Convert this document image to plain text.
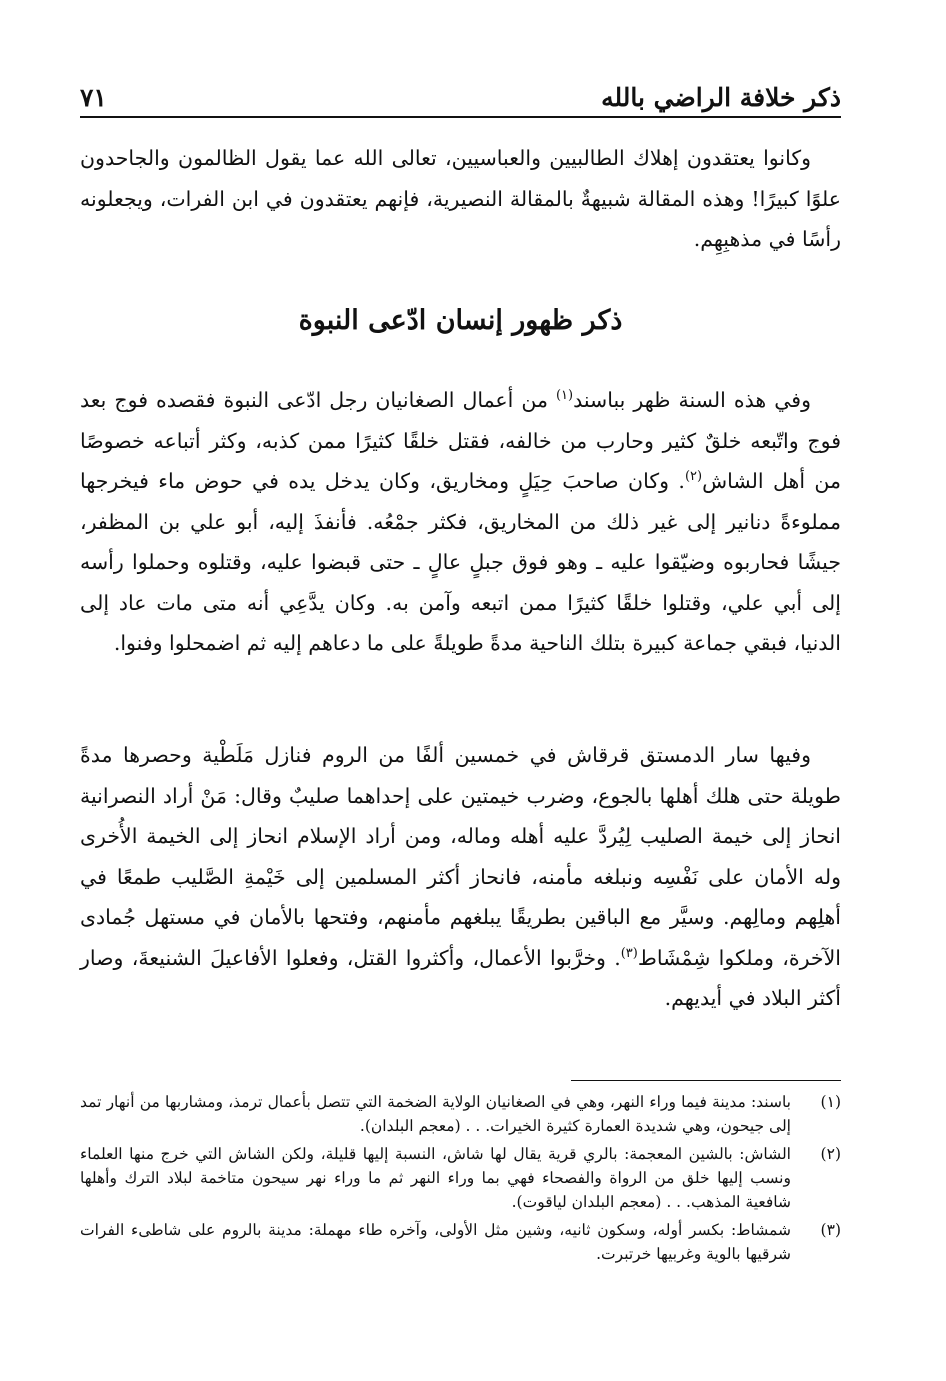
ذكر خلافة الراضي بالله
٧١

وكانوا يعتقدون إهلاك الطالبيين والعباسيين، تعالى الله عما يقول الظالمون والجاحدون علوًا كبيرًا! وهذه المقالة شبيهةٌ بالمقالة النصيرية، فإنهم يعتقدون في ابن الفرات، ويجعلونه رأسًا في مذهبِهِم.

ذكر ظهور إنسان ادّعى النبوة

وفي هذه السنة ظهر بباسند$^{(١)}$ من أعمال الصغانيان رجل ادّعى النبوة فقصده فوج بعد فوج واتّبعه خلقٌ كثير وحارب من خالفه، فقتل خلقًا كثيرًا ممن كذبه، وكثر أتباعه خصوصًا من أهل الشاش$^{(٢)}$. وكان صاحبَ حِيَلٍ ومخاريق، وكان يدخل يده في حوض ماء فيخرجها مملوءةً دنانير إلى غير ذلك من المخاريق، فكثر جمْعُه. فأنفذَ إليه، أبو علي بن المظفر، جيشًا فحاربوه وضيّقوا عليه ـ وهو فوق جبلٍ عالٍ ـ حتى قبضوا عليه، وقتلوه وحملوا رأسه إلى أبي علي، وقتلوا خلقًا كثيرًا ممن اتبعه وآمن به. وكان يدَّعِي أنه متى مات عاد إلى الدنيا، فبقي جماعة كبيرة بتلك الناحية مدةً طويلةً على ما دعاهم إليه ثم اضمحلوا وفنوا.

وفيها سار الدمستق قرقاش في خمسين ألفًا من الروم فنازل مَلَطْية وحصرها مدةً طويلة حتى هلك أهلها بالجوع، وضرب خيمتين على إحداهما صليبٌ وقال: مَنْ أراد النصرانية انحاز إلى خيمة الصليب لِيُردَّ عليه أهله وماله، ومن أراد الإسلام انحاز إلى الخيمة الأُخرى وله الأمان على نَفْسِه ونبلغه مأمنه، فانحاز أكثر المسلمين إلى خَيْمةِ الصَّليب طمعًا في أهلِهم ومالِهم. وسيَّر مع الباقين بطريقًا يبلغهم مأمنهم، وفتحها بالأمان في مستهل جُمادى الآخرة، وملكوا شِمْشَاط$^{(٣)}$. وخرَّبوا الأعمال، وأكثروا القتل، وفعلوا الأفاعيلَ الشنيعةَ، وصار أكثر البلاد في أيديهم.

(١)
باسند: مدينة فيما وراء النهر، وهي في الصغانيان الولاية الضخمة التي تتصل بأعمال ترمذ، ومشاربها من أنهار تمد إلى جيحون، وهي شديدة العمارة كثيرة الخيرات. . . (معجم البلدان).
(٢)
الشاش: بالشين المعجمة: بالري قرية يقال لها شاش، النسبة إليها قليلة، ولكن الشاش التي خرج منها العلماء ونسب إليها خلق من الرواة والفصحاء فهي بما وراء النهر ثم ما وراء نهر سيحون متاخمة لبلاد الترك وأهلها شافعية المذهب. . . (معجم البلدان لياقوت).
(٣)
شمشاط: بكسر أوله، وسكون ثانيه، وشين مثل الأولى، وآخره طاء مهملة: مدينة بالروم على شاطىء الفرات شرقيها بالوية وغربيها خرتبرت.
